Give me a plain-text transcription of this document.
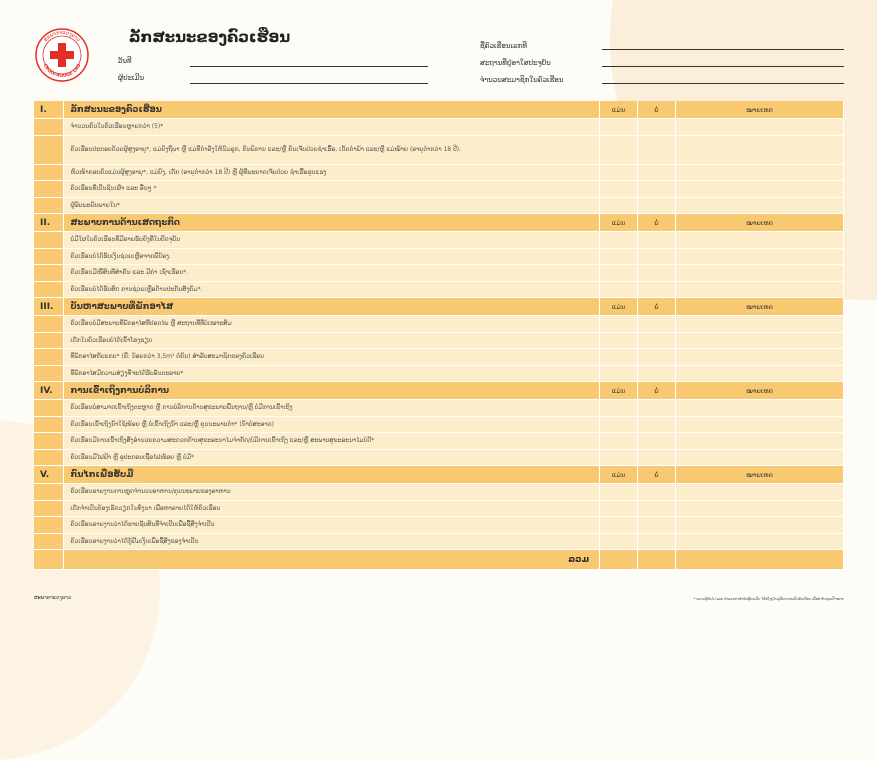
ສະພາກາແດງລາວ
CROIX-ROUGE LAO
ລັກສະນະຂອງຄົວເຮືອນ
ວັນທີ
ຜູ້ປະເມີນ
ຊື່ຄົວເຮືອນເລກທີ
ສະຖານທີ່ຢູ່ອາໃສປະຈຸບັນ
ຈຳນວນສະມາຊິກໃນຄົວເຮືອນ
I.	ລັກສະນະຂອງຄົວເຮືອນ	ແມ່ນ	ບໍ່	ໝາຍເຫດ
	ຈຳນວນຄົນໃນຄົວເຮືອນຫຼາຍກວ່າ (5)*			
	ຄົວເຮືອນປະກອບດ້ວຍຜູ້ສູງອາຍຸ*, ແມ່ຍິງຖືພາ ຫຼື ແມ່ທີ່ກຳລັງໃຫ້ນົມລູກ, ຄົນພິການ ແລະ/ຫຼື ຄົນເຈັບປ່ວຍຊຳເຮື້ອ, ເດັກກຳພ້າ ແລະ/ຫຼື ແມ່ໝ້າຍ (ອາຍຸຕ່ຳກວ່າ 18 ປີ).			
	ຫົວໜ້າຄອບຄົວແມ່ນຜູ້ສູງອາຍຸ*, ແມ່ຍິງ, ເດັກ (ອາຍຸຕ່ຳກວ່າ 18 ປີ) ຫຼື ຜູ້ທີ່ພະຍາດເຈັບປ່ວຍ ຊຳເຮື້ອຮຸນແຮງ			
	ຄົວເຮືອນທີ່ເປັນຊົນເຜົ່າ ແລະ ອື່ນໆ *			
	ຜູ້ອົບພະຍົບພາຍໃນ*			
II.	ສະພາບການດ້ານເສດຖະກິດ	ແມ່ນ	ບໍ່	ໝາຍເຫດ
	ບໍ່ມີໃຜໃນຄົວເຮືອນທີ່ມີລາຍຮັບຄົງທີ່ໃນປັດຈຸບັນ			
	ຄົວເຮືອນບໍ່ໄດ້ຮັບເງິນຊ່ວຍເຫຼືອຈາກພີ່ນ້ອງ.			
	ຄົວເຮືອນມີໜີ້ສິນທີ່ສຳຄັນ ແລະ ມີຄ່າ ເຊົ່າເຮືອນ*.			
	ຄົວເຮືອນບໍ່ໄດ້ຮັບສິດ ການຊ່ວຍເຫຼືອດ້ານປະກັນສັງຄົມ*.			
III.	ບັນຫາສະພາບທີ່ພັກອາໄສ	ແມ່ນ	ບໍ່	ໝາຍເຫດ
	ຄົວເຮືອນບໍ່ມີສະພາບທີ່ພັກອາໄສທີ່ປອດໄພ ຫຼື ສະຖານທີ່ທີ່ບໍ່ເໝາະສົມ			
	ເດັກໃນຄົວເຮືອນບໍ່ໄດ້ເຂົ້າໂຮງຮຽນ			
	ທີ່ພັກອາໄສຄັບແຄບ* (ຄື: ນ້ອຍກວ່າ 3,5m² ຕໍ່ຄົນ) ສຳລັບສະມາຊິກຂອງຄົວເຮືອນ			
	ທີ່ພັກອາໄສມີຄວາມສ່ຽງທີ່ຈະໄດ້ຮັບອັນຕະລາຍ*			
IV.	ການເຂົ້າເຖິງການບໍລິການ	ແມ່ນ	ບໍ່	ໝາຍເຫດ
	ຄົວເຮືອນບໍ່ສາມາດເຂົ້າເຖິງຕະຫຼາດ ຫຼື ການບໍລິການດ້ານສຸຂະພາບພື້ນຖານ/ຫຼື ບໍ່ມີການເຂົ້າເຖິງ			
	ຄົວເຮືອນເຂົ້າເຖິງນ້ຳໃຊ້ໜ້ອຍ ຫຼື ບໍ່ເຂົ້າເຖິງນ້ຳ ແລະ/ຫຼື ຄຸນນະພາບຕ່ຳ* (ນ້ຳບໍ່ສະອາດ)			
	ຄົວເຮືອນມີການເຂົ້າເຖິງສິ່ງອຳນວຍຄວາມສະດວກດ້ານສຸຂະອະນາໄມຈຳກັດ/ບໍ່ມີການເຂົ້າເຖິງ ແລະ/ຫຼື ສະພາບສຸຂະອະນາໄມບໍ່ດີ*			
	ຄົວເຮືອນມີໄຟຟ້າ ຫຼື ອຸປະກອນເຊື້ອໄຟໜ້ອຍ ຫຼື ບໍ່ມີ*			
V.	ກົນໄກເພື່ອຮັບມື	ແມ່ນ	ບໍ່	ໝາຍເຫດ
	ຄົວເຮືອນລາຍງານການຫຼຸດຈຳນວນອາຫານ/ຄຸນນະພາບຂອງອາຫານ			
	ເດັກຈຳເປັນຕ້ອງເຮັດວຽກໃນທົ່ງນາ ເພື່ອຫາລາຍໄດ້ໃຫ້ຄົວເຮືອນ			
	ຄົວເຮືອນລາຍງານວ່າໄດ້ຂາຍຊັບສິນທີ່ຈຳເປັນເພື່ອຊື້ສິ່ງຈຳເປັນ			
	ຄົວເຮືອນລາຍງານວ່າໄດ້ກູ້ຢືມເງິນເພື່ອຊື້ສິ່ງຂອງຈຳເປັນ			
	ລວມ			
ສະພາກາແດງລາວ	* ຄວາມຮູ້ທົ່ວໄປ ແລະ ຄຳແນະນຳສຳລັບຜູ້ປະເມີນ ໃຫ້ເບິ່ງຢູ່ໃນຄູ່ມືການປະເມີນຄົວເຮືອນ ເພື່ອກຳນົດກຸ່ມເປົ້າໝາຍ
